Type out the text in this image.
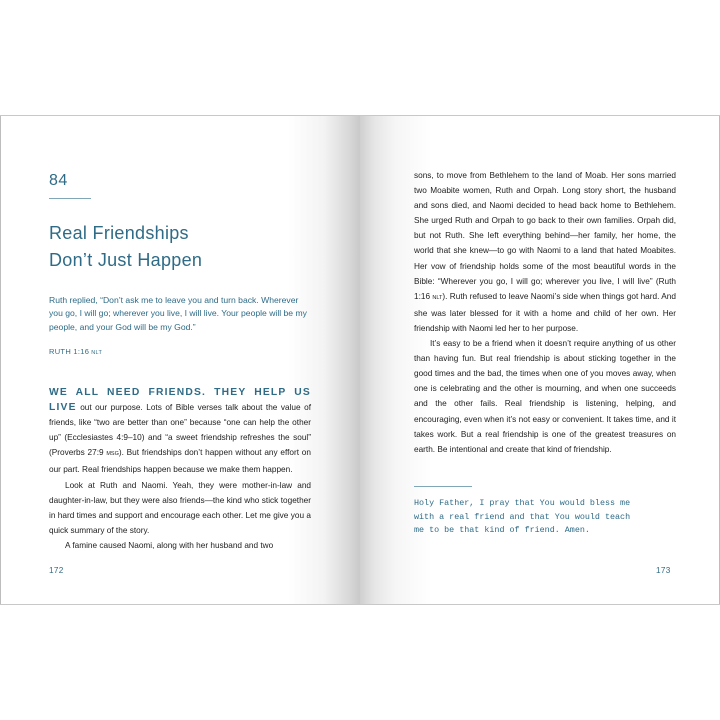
84
Real Friendships
Don’t Just Happen
Ruth replied, “Don’t ask me to leave you and turn back. Wherever you go, I will go; wherever you live, I will live. Your people will be my people, and your God will be my God.”
RUTH 1:16 NLT

WE ALL NEED FRIENDS. THEY HELP US LIVE out our purpose. Lots of Bible verses talk about the value of friends, like “two are better than one” because “one can help the other up” (Ecclesiastes 4:9–10) and “a sweet friendship refreshes the soul” (Proverbs 27:9 MSG). But friendships don’t happen without any effort on our part. Real friendships happen because we make them happen.

Look at Ruth and Naomi. Yeah, they were mother-in-law and daughter-in-law, but they were also friends—the kind who stick together in hard times and support and encourage each other. Let me give you a quick summary of the story.

A famine caused Naomi, along with her husband and two

172

sons, to move from Bethlehem to the land of Moab. Her sons married two Moabite women, Ruth and Orpah. Long story short, the husband and sons died, and Naomi decided to head back home to Bethlehem. She urged Ruth and Orpah to go back to their own families. Orpah did, but not Ruth. She left everything behind—her family, her home, the world that she knew—to go with Naomi to a land that hated Moabites. Her vow of friendship holds some of the most beautiful words in the Bible: “Wherever you go, I will go; wherever you live, I will live” (Ruth 1:16 NLT). Ruth refused to leave Naomi’s side when things got hard. And she was later blessed for it with a home and child of her own. Her friendship with Naomi led her to her purpose.

It’s easy to be a friend when it doesn’t require anything of us other than having fun. But real friendship is about sticking together in the good times and the bad, the times when one of you moves away, when one is celebrating and the other is mourning, and when one succeeds and the other fails. Real friendship is listening, helping, and encouraging, even when it’s not easy or convenient. It takes time, and it takes work. But a real friendship is one of the greatest treasures on earth. Be intentional and create that kind of friendship.

Holy Father, I pray that You would bless me with a real friend and that You would teach me to be that kind of friend. Amen.
173
